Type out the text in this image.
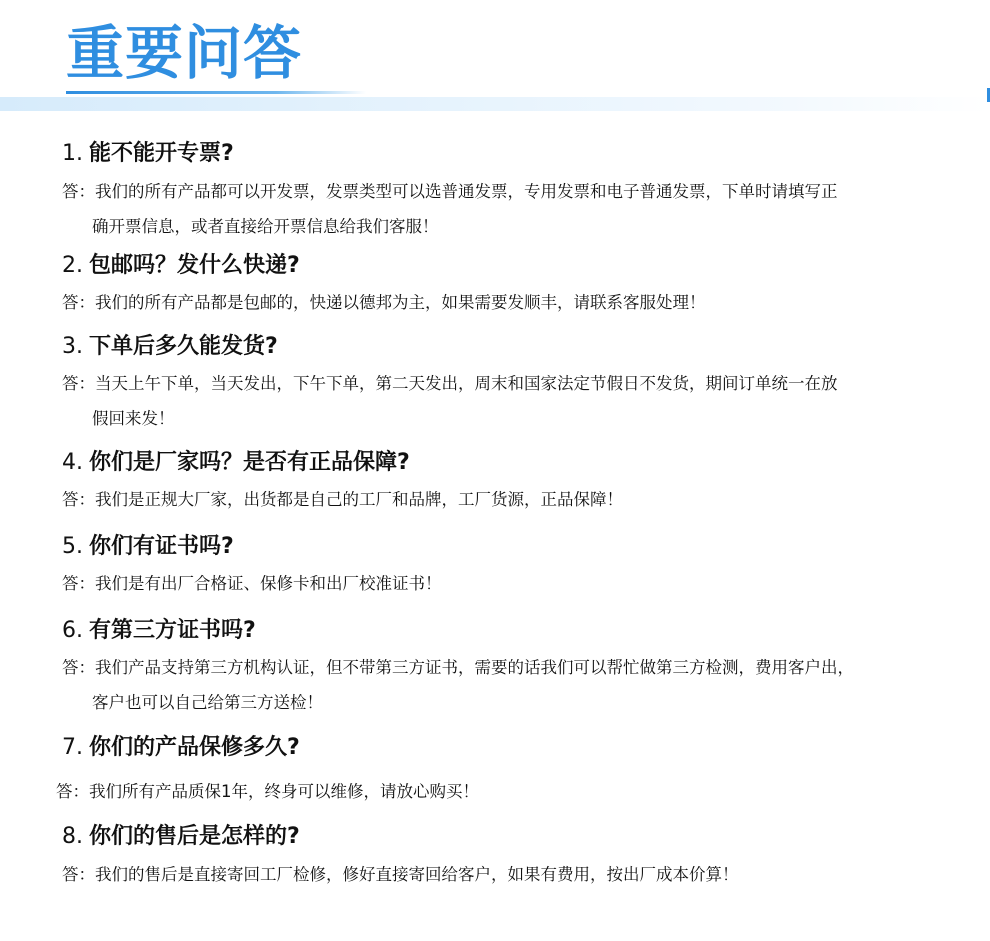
重要问答
1. 能不能开专票?
答：我们的所有产品都可以开发票，发票类型可以选普通发票，专用发票和电子普通发票，下单时请填写正
确开票信息，或者直接给开票信息给我们客服！
2. 包邮吗？发什么快递?
答：我们的所有产品都是包邮的，快递以德邦为主，如果需要发顺丰，请联系客服处理！
3. 下单后多久能发货?
答：当天上午下单，当天发出，下午下单，第二天发出，周末和国家法定节假日不发货，期间订单统一在放
假回来发！
4. 你们是厂家吗？是否有正品保障?
答：我们是正规大厂家，出货都是自己的工厂和品牌，工厂货源，正品保障！
5. 你们有证书吗?
答：我们是有出厂合格证、保修卡和出厂校准证书！
6. 有第三方证书吗?
答：我们产品支持第三方机构认证，但不带第三方证书，需要的话我们可以帮忙做第三方检测，费用客户出，
客户也可以自己给第三方送检！
7. 你们的产品保修多久?
答：我们所有产品质保1年，终身可以维修，请放心购买！
8. 你们的售后是怎样的?
答：我们的售后是直接寄回工厂检修，修好直接寄回给客户，如果有费用，按出厂成本价算！
